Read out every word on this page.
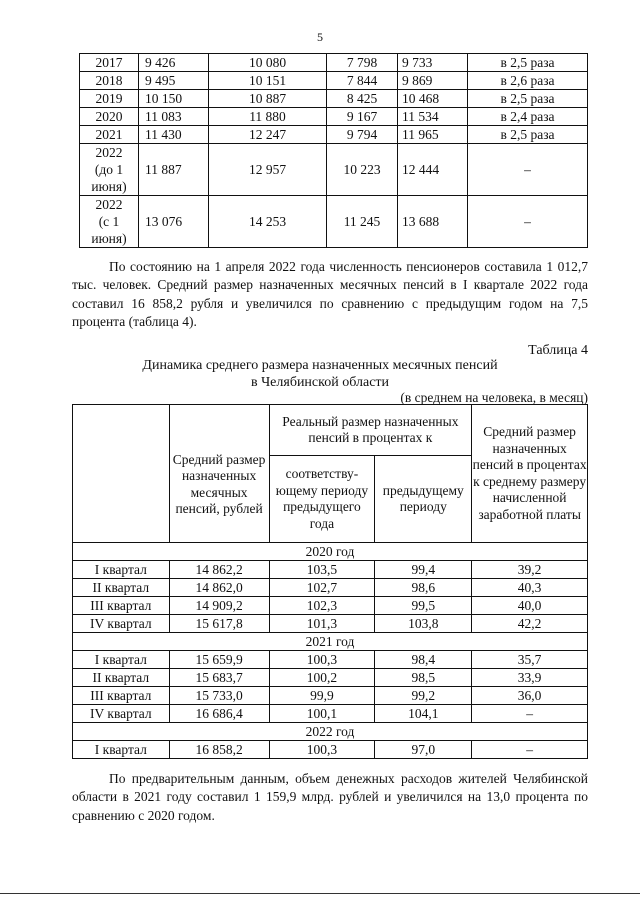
5
2017	9 426	10 080	7 798	9 733	в 2,5 раза
2018	9 495	10 151	7 844	9 869	в 2,6 раза
2019	10 150	10 887	8 425	10 468	в 2,5 раза
2020	11 083	11 880	9 167	11 534	в 2,4 раза
2021	11 430	12 247	9 794	11 965	в 2,5 раза
2022
(до 1
июня)	11 887	12 957	10 223	12 444	–
2022
(с 1
июня)	13 076	14 253	11 245	13 688	–

По состоянию на 1 апреля 2022 года численность пенсионеров составила 1 012,7 тыс. человек. Средний размер назначенных месячных пенсий в I квартале 2022 года составил 16 858,2 рубля и увеличился по сравнению с предыдущим годом на 7,5 процента (таблица 4).

Таблица 4
Динамика среднего размера назначенных месячных пенсий
в Челябинской области
(в среднем на человека, в месяц)
	Средний размер назначенных месячных пенсий, рублей	Реальный размер назначенных пенсий в процентах к		Средний размер назначенных пенсий в процентах к среднему размеру начисленной заработной платы
		соответству-ющему периоду предыдущего года	предыдущему периоду	
2020 год				
I квартал	14 862,2	103,5	99,4	39,2
II квартал	14 862,0	102,7	98,6	40,3
III квартал	14 909,2	102,3	99,5	40,0
IV квартал	15 617,8	101,3	103,8	42,2
2021 год				
I квартал	15 659,9	100,3	98,4	35,7
II квартал	15 683,7	100,2	98,5	33,9
III квартал	15 733,0	99,9	99,2	36,0
IV квартал	16 686,4	100,1	104,1	–
2022 год				
I квартал	16 858,2	100,3	97,0	–

По предварительным данным, объем денежных расходов жителей Челябинской области в 2021 году составил 1 159,9 млрд. рублей и увеличился на 13,0 процента по сравнению с 2020 годом.
